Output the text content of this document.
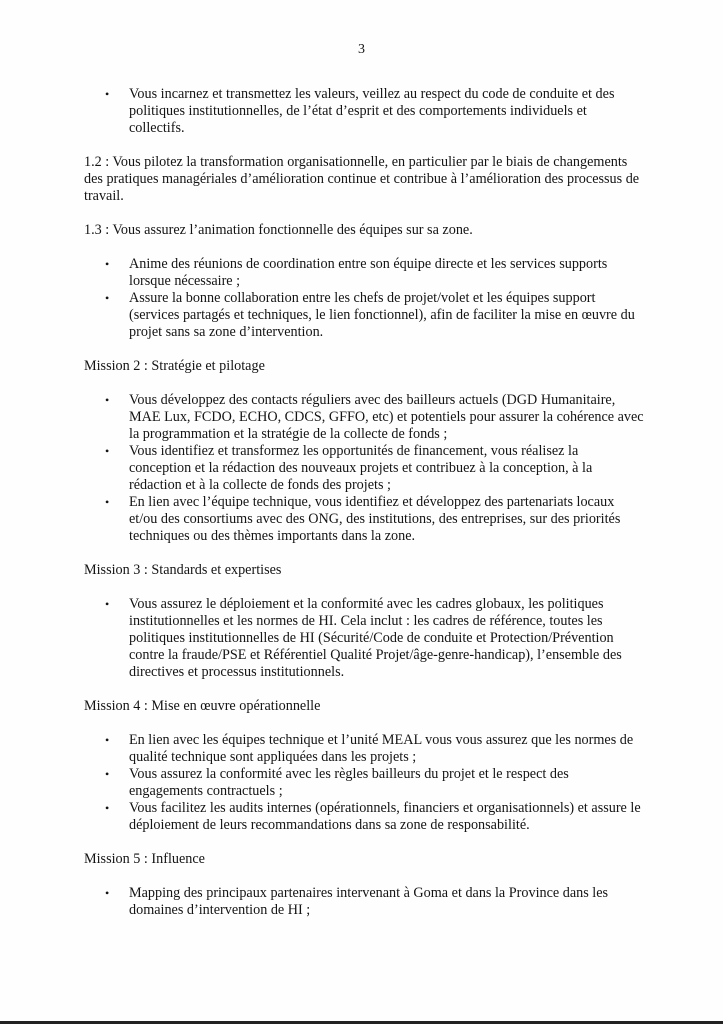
3
• Vous incarnez et transmettez les valeurs, veillez au respect du code de conduite et des politiques institutionnelles, de l’état d’esprit et des comportements individuels et collectifs.

1.2 : Vous pilotez la transformation organisationnelle, en particulier par le biais de changements des pratiques managériales d’amélioration continue et contribue à l’amélioration des processus de travail.

1.3 : Vous assurez l’animation fonctionnelle des équipes sur sa zone.

• Anime des réunions de coordination entre son équipe directe et les services supports lorsque nécessaire ;
• Assure la bonne collaboration entre les chefs de projet/volet et les équipes support (services partagés et techniques, le lien fonctionnel), afin de faciliter la mise en œuvre du projet sans sa zone d’intervention.

Mission 2 : Stratégie et pilotage

• Vous développez des contacts réguliers avec des bailleurs actuels (DGD Humanitaire, MAE Lux, FCDO, ECHO, CDCS, GFFO, etc) et potentiels pour assurer la cohérence avec la programmation et la stratégie de la collecte de fonds ;
• Vous identifiez et transformez les opportunités de financement, vous réalisez la conception et la rédaction des nouveaux projets et contribuez à la conception, à la rédaction et à la collecte de fonds des projets ;
• En lien avec l’équipe technique, vous identifiez et développez des partenariats locaux et/ou des consortiums avec des ONG, des institutions, des entreprises, sur des priorités techniques ou des thèmes importants dans la zone.

Mission 3 : Standards et expertises

• Vous assurez le déploiement et la conformité avec les cadres globaux, les politiques institutionnelles et les normes de HI. Cela inclut : les cadres de référence, toutes les politiques institutionnelles de HI (Sécurité/Code de conduite et Protection/Prévention contre la fraude/PSE et Référentiel Qualité Projet/âge-genre-handicap), l’ensemble des directives et processus institutionnels.

Mission 4 : Mise en œuvre opérationnelle

• En lien avec les équipes technique et l’unité MEAL vous vous assurez que les normes de qualité technique sont appliquées dans les projets ;
• Vous assurez la conformité avec les règles bailleurs du projet et le respect des engagements contractuels ;
• Vous facilitez les audits internes (opérationnels, financiers et organisationnels) et assure le déploiement de leurs recommandations dans sa zone de responsabilité.

Mission 5 : Influence

• Mapping des principaux partenaires intervenant à Goma et dans la Province dans les domaines d’intervention de HI ;
